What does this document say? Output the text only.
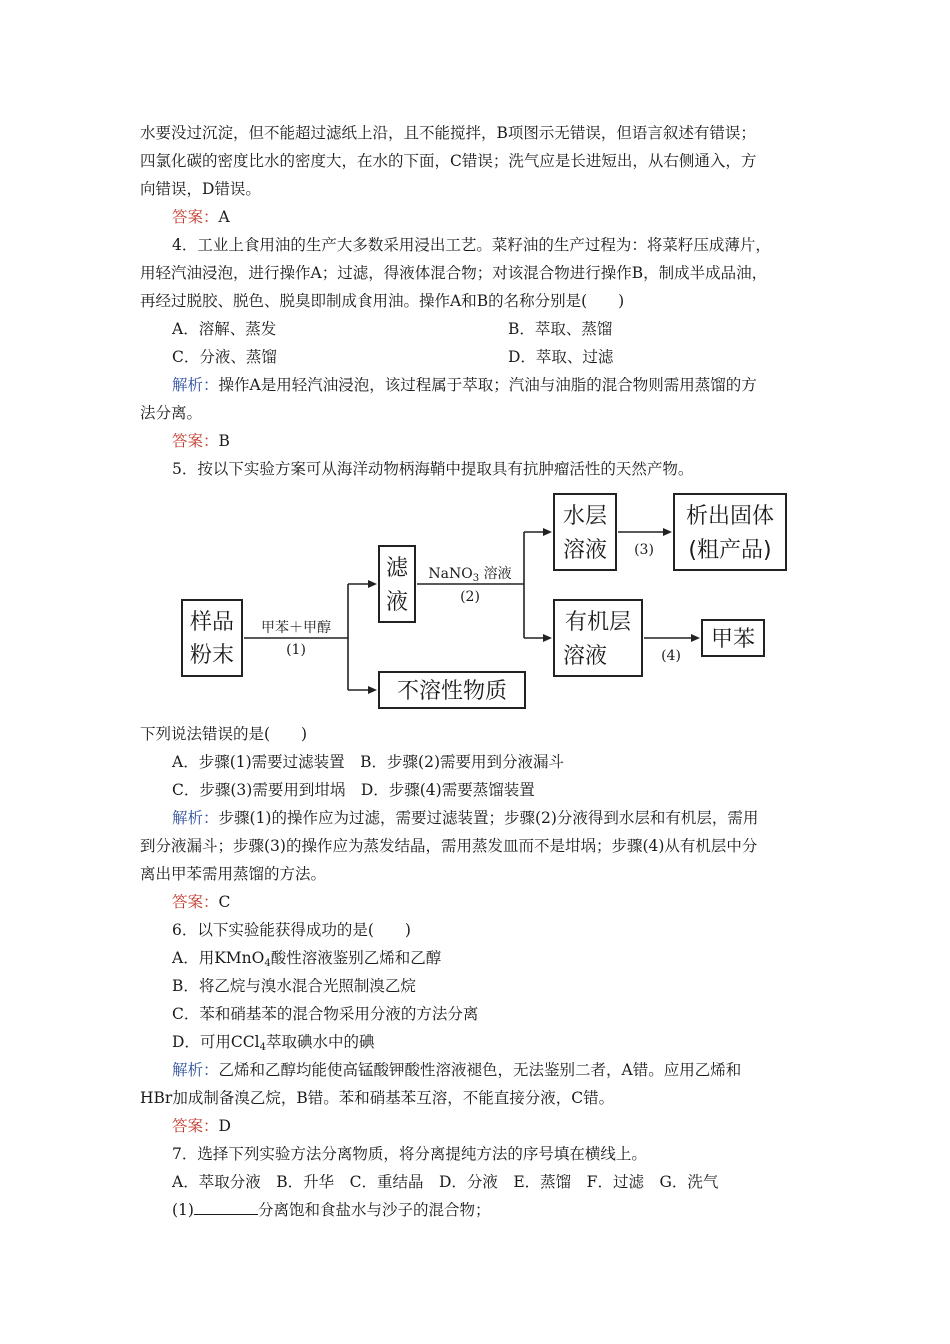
水要没过沉淀，但不能超过滤纸上沿，且不能搅拌，B项图示无错误，但语言叙述有错误；
四氯化碳的密度比水的密度大，在水的下面，C错误；洗气应是长进短出，从右侧通入，方
向错误，D错误。
答案：A
4．工业上食用油的生产大多数采用浸出工艺。菜籽油的生产过程为：将菜籽压成薄片，
用轻汽油浸泡，进行操作A；过滤，得液体混合物；对该混合物进行操作B，制成半成品油，
再经过脱胶、脱色、脱臭即制成食用油。操作A和B的名称分别是(　　)
A．溶解、蒸发	B．萃取、蒸馏
C．分液、蒸馏	D．萃取、过滤
解析：操作A是用轻汽油浸泡，该过程属于萃取；汽油与油脂的混合物则需用蒸馏的方
法分离。
答案：B
5．按以下实验方案可从海洋动物柄海鞘中提取具有抗肿瘤活性的天然产物。
样品
粉末
滤
液
不溶性物质
水层
溶液
析出固体
(粗产品)
有机层
溶液
甲苯
甲苯＋甲醇
(1)
NaNO$_3$ 溶液
(2)
(3)
(4)
下列说法错误的是(　　)
A．步骤(1)需要过滤装置　B．步骤(2)需要用到分液漏斗
C．步骤(3)需要用到坩埚　D．步骤(4)需要蒸馏装置
解析：步骤(1)的操作应为过滤，需要过滤装置；步骤(2)分液得到水层和有机层，需用
到分液漏斗；步骤(3)的操作应为蒸发结晶，需用蒸发皿而不是坩埚；步骤(4)从有机层中分
离出甲苯需用蒸馏的方法。
答案：C
6．以下实验能获得成功的是(　　)
A．用KMnO$_4$酸性溶液鉴别乙烯和乙醇
B．将乙烷与溴水混合光照制溴乙烷
C．苯和硝基苯的混合物采用分液的方法分离
D．可用CCl$_4$萃取碘水中的碘
解析：乙烯和乙醇均能使高锰酸钾酸性溶液褪色，无法鉴别二者，A错。应用乙烯和
HBr加成制备溴乙烷，B错。苯和硝基苯互溶，不能直接分液，C错。
答案：D
7．选择下列实验方法分离物质，将分离提纯方法的序号填在横线上。
A．萃取分液　B．升华　C．重结晶　D．分液　E．蒸馏　F．过滤　G．洗气
(1)	分离饱和食盐水与沙子的混合物；
